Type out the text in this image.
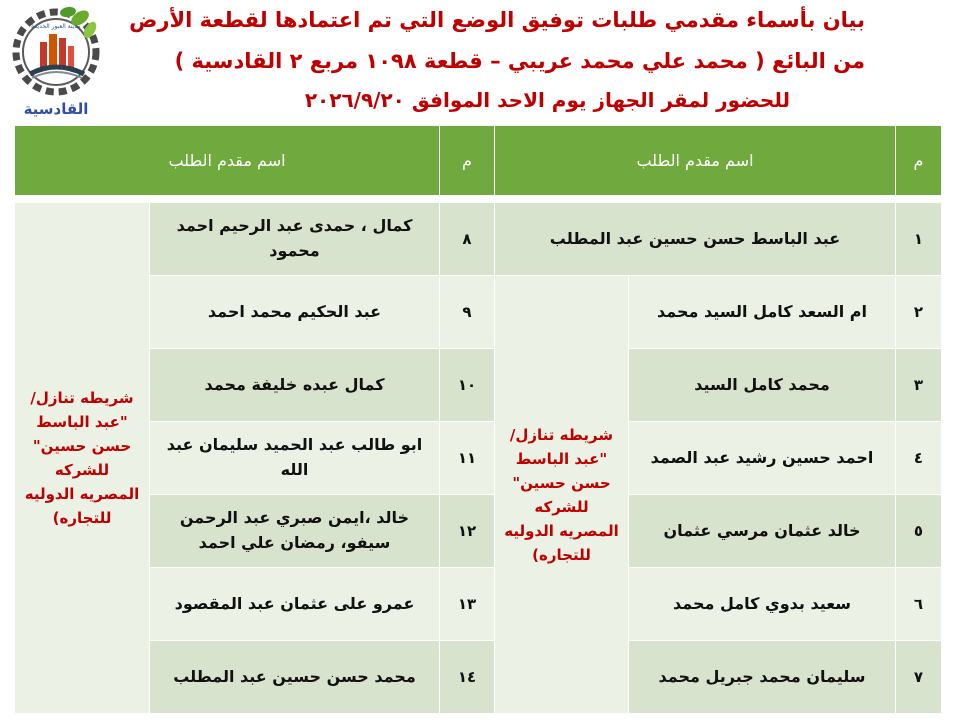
بيان بأسماء مقدمي طلبات توفيق الوضع التي تم اعتمادها لقطعة الأرض
من البائع ( محمد علي محمد عريبي – قطعة ١٠٩٨ مربع ٢ القادسية )
للحضور لمقر الجهاز يوم الاحد الموافق ٢٠٢٦/٩/٢٠
مدينة العبور الجديدة
القادسية
م	اسم مقدم الطلب		م	اسم مقدم الطلب	

١	عبد الباسط حسن حسين عبد المطلب		٨	كمال ، حمدى عبد الرحيم احمد محمود	شريطه تنازل/ "عبد الباسط حسن حسين" للشركه المصريه الدوليه للتجاره)
٢	ام السعد كامل السيد محمد	شريطه تنازل/ "عبد الباسط حسن حسين" للشركه المصريه الدوليه للتجاره)	٩	عبد الحكيم محمد احمد	
٣	محمد كامل السيد		١٠	كمال عبده خليفة محمد	
٤	احمد حسين رشيد عبد الصمد		١١	ابو طالب عبد الحميد سليمان عبد الله	
٥	خالد عثمان مرسي عثمان		١٢	خالد ،ايمن صبري عبد الرحمن سيفو، رمضان علي احمد	
٦	سعيد بدوي كامل محمد		١٣	عمرو على عثمان عبد المقصود	
٧	سليمان محمد جبريل محمد		١٤	محمد حسن حسين عبد المطلب	
